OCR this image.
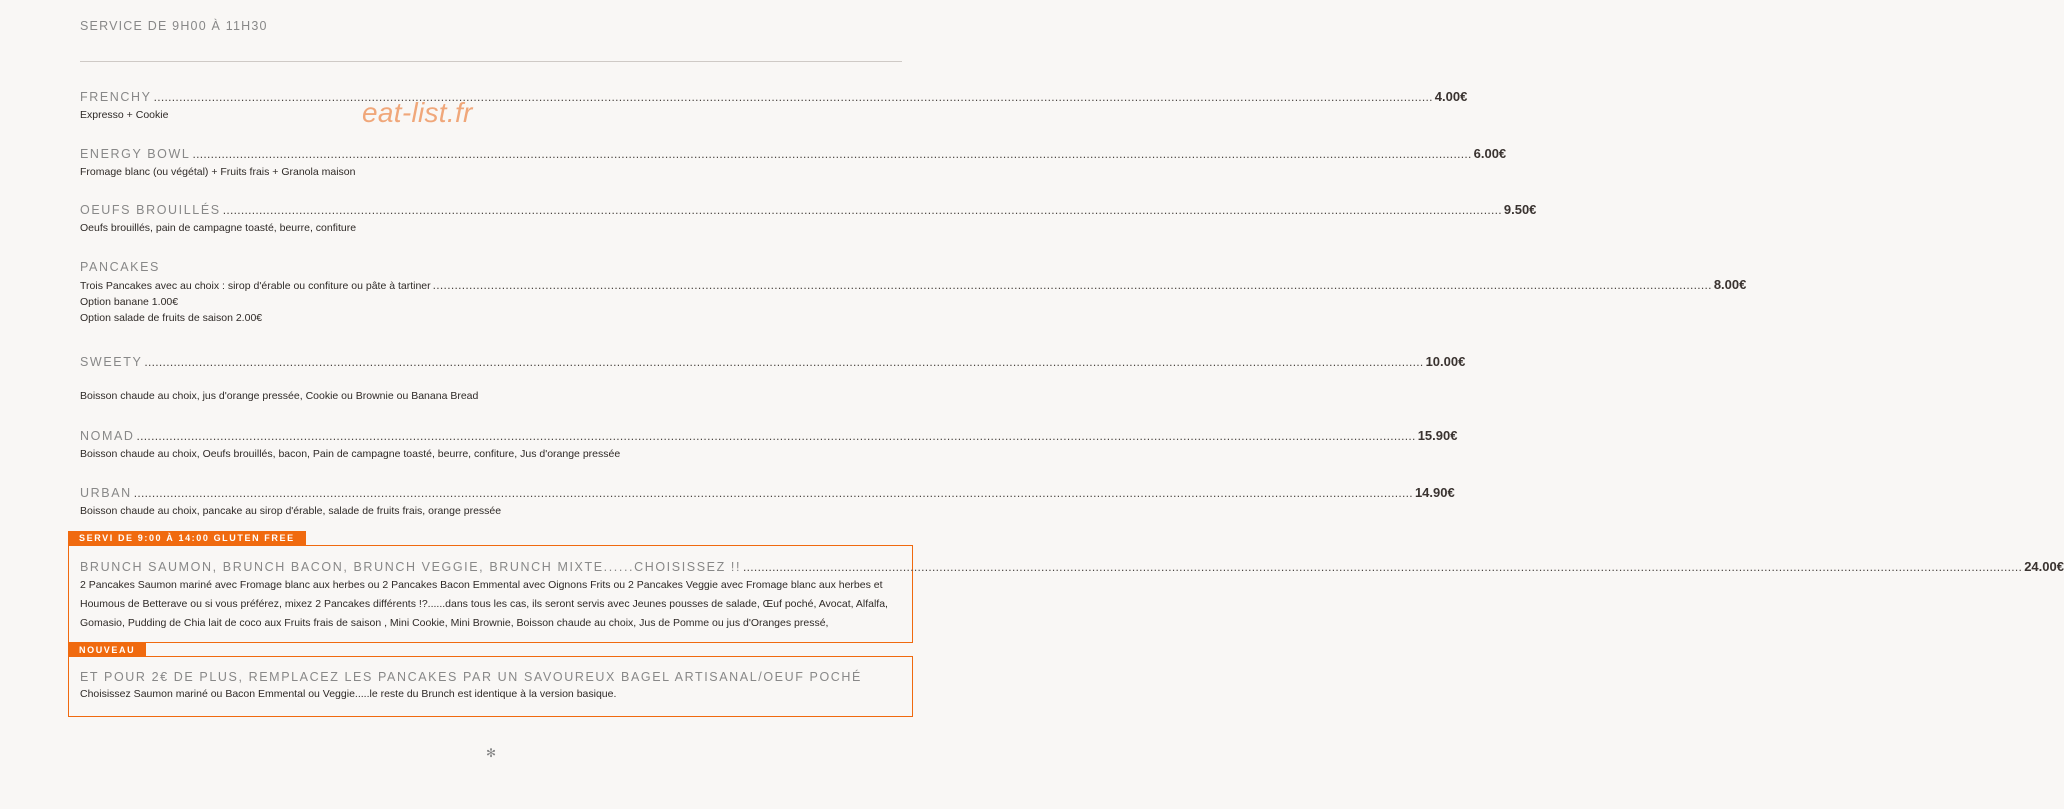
SERVICE DE 9H00 À 11H30
FRENCHY ................................................................................................................................................................................................................................................................................................................................................................ 4.00€
Expresso + Cookie
ENERGY BOWL ................................................................................................................................................................................................................................................................................................................................................................ 6.00€
Fromage blanc (ou végétal) + Fruits frais + Granola maison
OEUFS BROUILLÉS ................................................................................................................................................................................................................................................................................................................................................................ 9.50€
Oeufs brouillés, pain de campagne toasté, beurre, confiture
PANCAKES
Trois Pancakes avec au choix : sirop d'érable ou confiture ou pâte à tartiner ................................................................................................................................................................................................................................................................................................................................................................ 8.00€
Option banane 1.00€
Option salade de fruits de saison 2.00€
SWEETY ................................................................................................................................................................................................................................................................................................................................................................ 10.00€
Boisson chaude au choix, jus d'orange pressée, Cookie ou Brownie ou Banana Bread
NOMAD ................................................................................................................................................................................................................................................................................................................................................................ 15.90€
Boisson chaude au choix, Oeufs brouillés, bacon, Pain de campagne toasté, beurre, confiture, Jus d'orange pressée
URBAN ................................................................................................................................................................................................................................................................................................................................................................ 14.90€
Boisson chaude au choix, pancake au sirop d'érable, salade de fruits frais, orange pressée
SERVI DE 9:00 À 14:00 GLUTEN FREE
BRUNCH SAUMON, BRUNCH BACON, BRUNCH VEGGIE, BRUNCH MIXTE......CHOISISSEZ !! ................................................................................................................................................................................................................................................................................................................................................................ 24.00€
2 Pancakes Saumon mariné avec Fromage blanc aux herbes ou 2 Pancakes Bacon Emmental avec Oignons Frits ou 2 Pancakes Veggie avec Fromage blanc aux herbes et
Houmous de Betterave ou si vous préférez, mixez 2 Pancakes différents !?......dans tous les cas, ils seront servis avec Jeunes pousses de salade, Œuf poché, Avocat, Alfalfa,
Gomasio, Pudding de Chia lait de coco aux Fruits frais de saison , Mini Cookie, Mini Brownie, Boisson chaude au choix, Jus de Pomme ou jus d'Oranges pressé,
NOUVEAU
ET POUR 2€ DE PLUS, REMPLACEZ LES PANCAKES PAR UN SAVOUREUX BAGEL ARTISANAL/OEUF POCHÉ
Choisissez Saumon mariné ou Bacon Emmental ou Veggie.....le reste du Brunch est identique à la version basique.
eat-list.fr
✻
